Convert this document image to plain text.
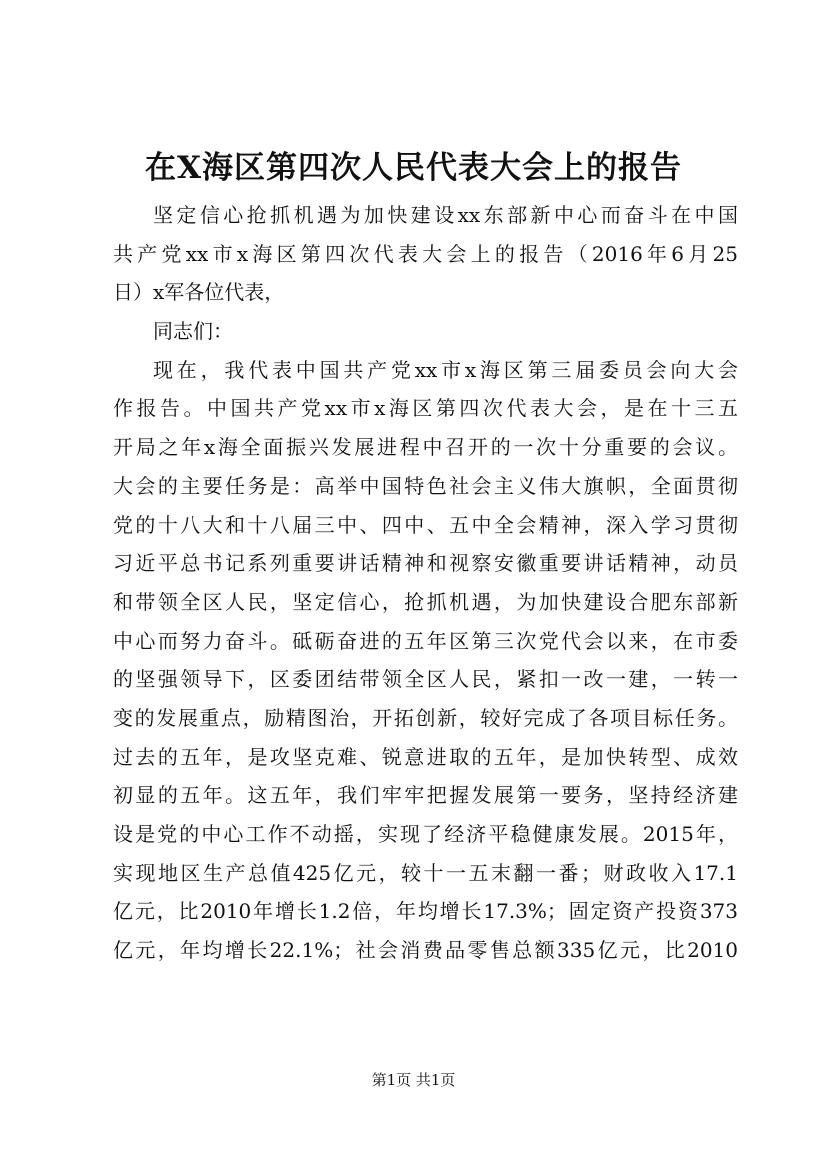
在X海区第四次人民代表大会上的报告
坚定信心抢抓机遇为加快建设xx东部新中心而奋斗在中国
共产党xx市x海区第四次代表大会上的报告（2016年6月25
日）x军各位代表，
同志们：
现在，我代表中国共产党xx市x海区第三届委员会向大会
作报告。中国共产党xx市x海区第四次代表大会，是在十三五
开局之年x海全面振兴发展进程中召开的一次十分重要的会议。
大会的主要任务是：高举中国特色社会主义伟大旗帜，全面贯彻
党的十八大和十八届三中、四中、五中全会精神，深入学习贯彻
习近平总书记系列重要讲话精神和视察安徽重要讲话精神，动员
和带领全区人民，坚定信心，抢抓机遇，为加快建设合肥东部新
中心而努力奋斗。砥砺奋进的五年区第三次党代会以来，在市委
的坚强领导下，区委团结带领全区人民，紧扣一改一建，一转一
变的发展重点，励精图治，开拓创新，较好完成了各项目标任务。
过去的五年，是攻坚克难、锐意进取的五年，是加快转型、成效
初显的五年。这五年，我们牢牢把握发展第一要务，坚持经济建
设是党的中心工作不动摇，实现了经济平稳健康发展。2015年，
实现地区生产总值425亿元，较十一五末翻一番；财政收入17.1
亿元，比2010年增长1.2倍，年均增长17.3%；固定资产投资373
亿元，年均增长22.1%；社会消费品零售总额335亿元，比2010
第1页 共1页
